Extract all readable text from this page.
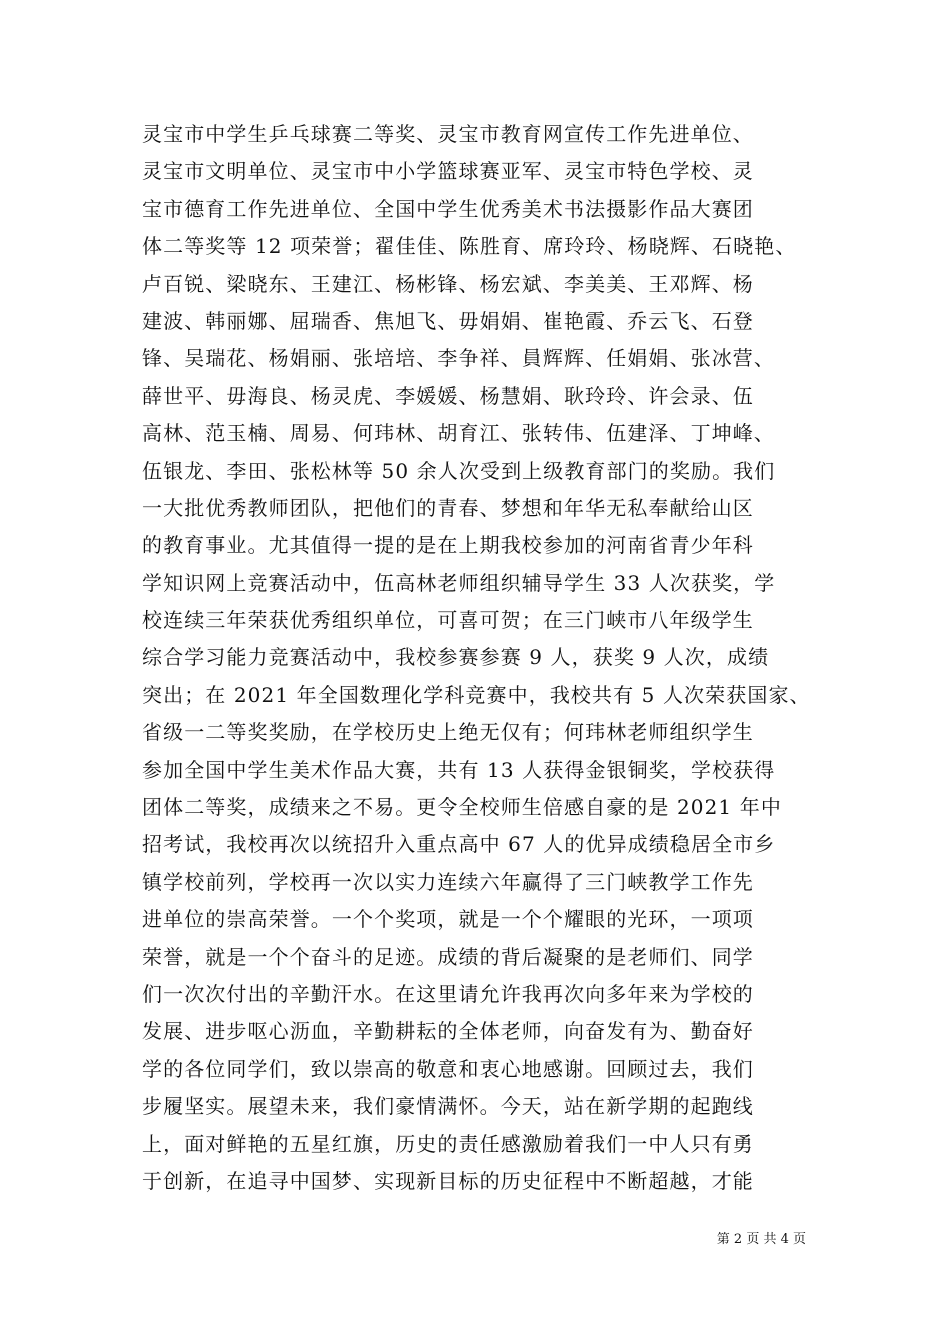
灵宝市中学生乒乓球赛二等奖、灵宝市教育网宣传工作先进单位、
灵宝市文明单位、灵宝市中小学篮球赛亚军、灵宝市特色学校、灵
宝市德育工作先进单位、全国中学生优秀美术书法摄影作品大赛团
体二等奖等 12 项荣誉；翟佳佳、陈胜育、席玲玲、杨晓辉、石晓艳、
卢百锐、梁晓东、王建江、杨彬锋、杨宏斌、李美美、王邓辉、杨
建波、韩丽娜、屈瑞香、焦旭飞、毋娟娟、崔艳霞、乔云飞、石登
锋、吴瑞花、杨娟丽、张培培、李争祥、員辉辉、任娟娟、张冰营、
薛世平、毋海良、杨灵虎、李媛媛、杨慧娟、耿玲玲、许会录、伍
高林、范玉楠、周易、何玮林、胡育江、张转伟、伍建泽、丁坤峰、
伍银龙、李田、张松林等 50 余人次受到上级教育部门的奖励。我们
一大批优秀教师团队，把他们的青春、梦想和年华无私奉献给山区
的教育事业。尤其值得一提的是在上期我校参加的河南省青少年科
学知识网上竞赛活动中，伍高林老师组织辅导学生 33 人次获奖，学
校连续三年荣获优秀组织单位，可喜可贺；在三门峡市八年级学生
综合学习能力竞赛活动中，我校参赛参赛 9 人，获奖 9 人次，成绩
突出；在 2021 年全国数理化学科竞赛中，我校共有 5 人次荣获国家、
省级一二等奖奖励，在学校历史上绝无仅有；何玮林老师组织学生
参加全国中学生美术作品大赛，共有 13 人获得金银铜奖，学校获得
团体二等奖，成绩来之不易。更令全校师生倍感自豪的是 2021 年中
招考试，我校再次以统招升入重点高中 67 人的优异成绩稳居全市乡
镇学校前列，学校再一次以实力连续六年赢得了三门峡教学工作先
进单位的崇高荣誉。一个个奖项，就是一个个耀眼的光环，一项项
荣誉，就是一个个奋斗的足迹。成绩的背后凝聚的是老师们、同学
们一次次付出的辛勤汗水。在这里请允许我再次向多年来为学校的
发展、进步呕心沥血，辛勤耕耘的全体老师，向奋发有为、勤奋好
学的各位同学们，致以崇高的敬意和衷心地感谢。回顾过去，我们
步履坚实。展望未来，我们豪情满怀。今天，站在新学期的起跑线
上，面对鲜艳的五星红旗，历史的责任感激励着我们一中人只有勇
于创新，在追寻中国梦、实现新目标的历史征程中不断超越，才能
第 2 页 共 4 页
